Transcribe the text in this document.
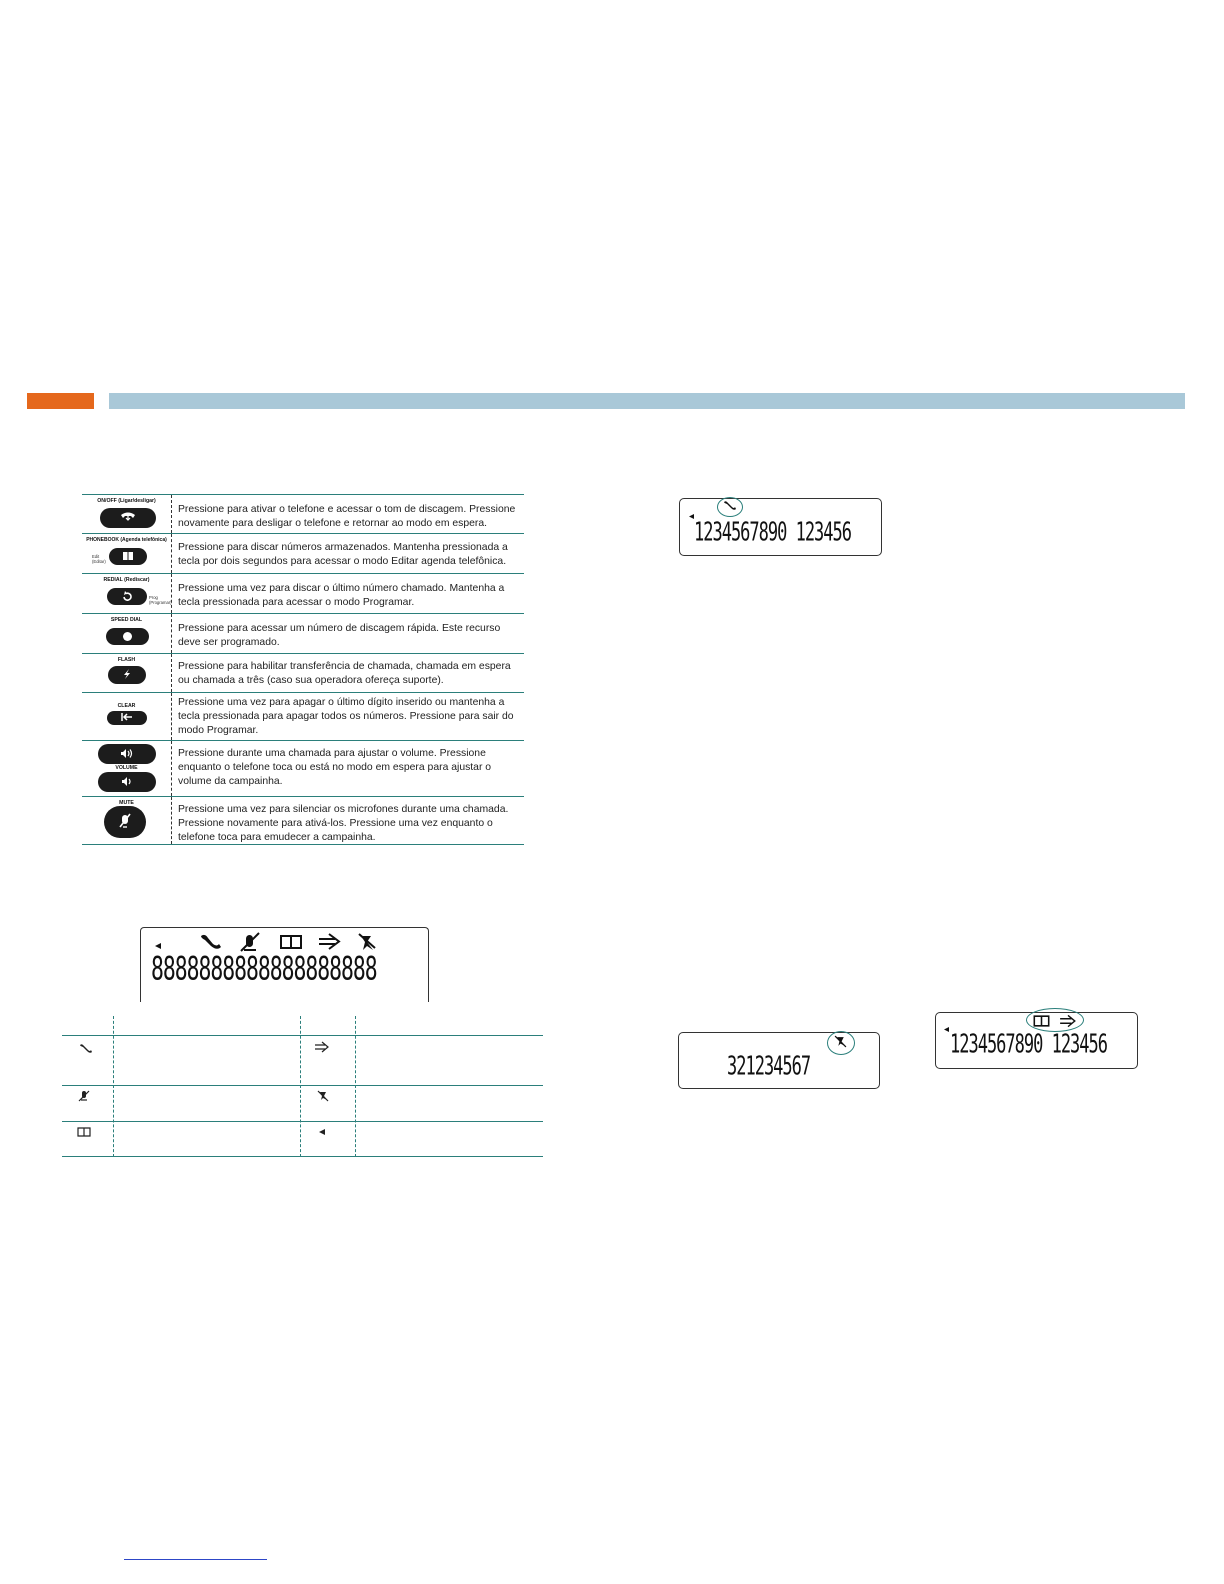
ON/OFF (Ligar/desligar)
Pressione para ativar o telefone e acessar o tom de discagem. Pressione novamente para desligar o telefone e retornar ao modo em espera.
PHONEBOOK (Agenda telefônica)
Edit
(Editar)
Pressione para discar números armazenados. Mantenha pressionada a tecla por dois segundos para acessar o modo Editar agenda telefônica.
REDIAL (Rediscar)
Prog
(Programar)
Pressione uma vez para discar o último número chamado. Mantenha a tecla pressionada para acessar o modo Programar.
SPEED DIAL
Pressione para acessar um número de discagem rápida. Este recurso deve ser programado.
FLASH
Pressione para habilitar transferência de chamada, chamada em espera ou chamada a três (caso sua operadora ofereça suporte).
CLEAR	Pressione uma vez para apagar o último dígito inserido ou mantenha a tecla pressionada para apagar todos os números. Pressione para sair do modo Programar.
VOLUME
Pressione durante uma chamada para ajustar o volume. Pressione enquanto o telefone toca ou está no modo em espera para ajustar o volume da campainha.
MUTE
Pressione uma vez para silenciar os microfones durante uma chamada. Pressione novamente para ativá-los. Pressione uma vez enquanto o telefone toca para emudecer a campainha.
8888888888888888888
1234567890 123456
321234567
1234567890 123456
